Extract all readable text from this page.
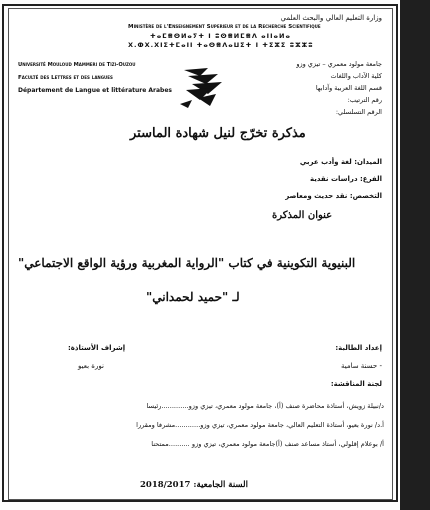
وزارة التعليم العالي والبحث العلمي
Ministère de l'Enseignement Superieur et de la Recherche Scientifique
ⵜⴰⵎⴻⵙⵍⴰⵢⵜ ⵏ ⵓⵙⴻⵍⵎⴻⴷ ⴰⵏⵏⴰⵍⴰ
ⵝ.ⵀⵝ.ⵝⵏⵉⵜⵎⴰⵏⵏ ⵜⴰⵙⴻⴷⴰⵡⵉⵜ ⵏ ⵜⵉⵣⵉ ⵓⵣⵣⵓ
جامعة مولود معمري – تيزي وزو
كلية الآداب واللغات
قسم اللغة العربية وآدابها
رقم الترتيب:
الرقم التسلسلي:
Université Mouloud Mammeri de Tizi-Ouzou
Faculté des Lettres et des langues
Département de Langue et littérature Arabes
مذكرة تخرّج لنيل شهادة الماستر
الميدان: لغة وأدب عربي
الفرع: دراسات نقدية
التخصص: نقد حديث ومعاصر
عنوان المذكرة
البنيوية التكوينية في كتاب "الرواية المغربية ورؤية الواقع الاجتماعي"
لـ "حميد لحمداني"
إعداد الطالبة:
- حسنة سامية
إشراف الأستاذة:
نورة بعيو
لجنة المناقشة:
د/نبيلة زويش، أستاذة محاضرة صنف (أ)، جامعة مولود معمري، تيزي وزو.............رئيسا
أ.د/ نورة بعيو، أستاذة التعليم العالي، جامعة مولود معمري، تيزي وزو............مشرفا ومقررا
أ/ بوعلام إقلولي، أستاذ مساعد صنف (أ)جامعة مولود معمري، تيزي وزو ..........ممتحنا
السنة الجامعية: 2018/2017
